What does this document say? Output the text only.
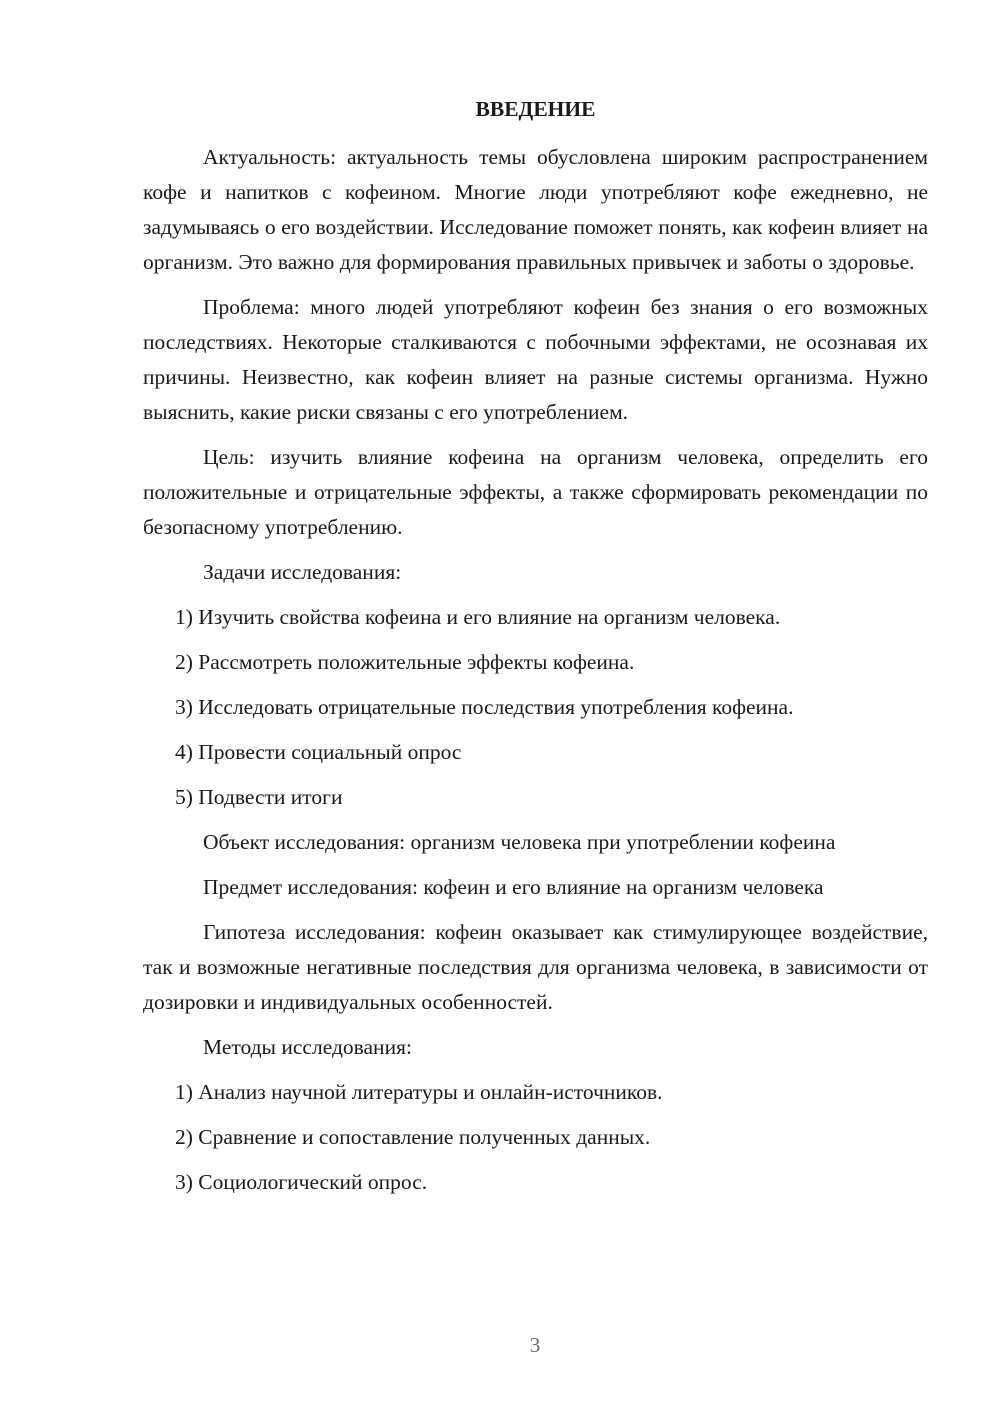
ВВЕДЕНИЕ
Актуальность: актуальность темы обусловлена широким распространением кофе и напитков с кофеином. Многие люди употребляют кофе ежедневно, не задумываясь о его воздействии. Исследование поможет понять, как кофеин влияет на организм. Это важно для формирования правильных привычек и заботы о здоровье.
Проблема: много людей употребляют кофеин без знания о его возможных последствиях. Некоторые сталкиваются с побочными эффектами, не осознавая их причины. Неизвестно, как кофеин влияет на разные системы организма. Нужно выяснить, какие риски связаны с его употреблением.
Цель: изучить влияние кофеина на организм человека, определить его положительные и отрицательные эффекты, а также сформировать рекомендации по безопасному употреблению.
Задачи исследования:
1) Изучить свойства кофеина и его влияние на организм человека.
2) Рассмотреть положительные эффекты кофеина.
3) Исследовать отрицательные последствия употребления кофеина.
4) Провести социальный опрос
5) Подвести итоги
Объект исследования: организм человека при употреблении кофеина
Предмет исследования: кофеин и его влияние на организм человека
Гипотеза исследования: кофеин оказывает как стимулирующее воздействие, так и возможные негативные последствия для организма человека, в зависимости от дозировки и индивидуальных особенностей.
Методы исследования:
1) Анализ научной литературы и онлайн-источников.
2) Сравнение и сопоставление полученных данных.
3) Социологический опрос.
3
